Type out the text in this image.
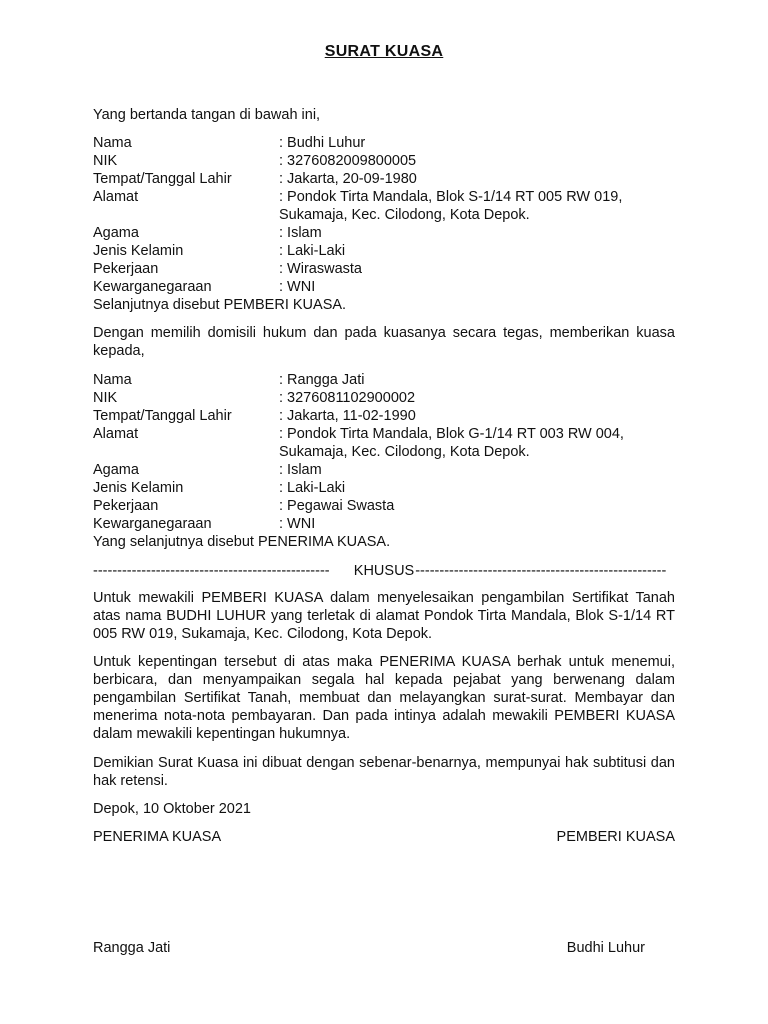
SURAT KUASA
Yang bertanda tangan di bawah ini,
Nama	: Budhi Luhur
NIK	: 3276082009800005
Tempat/Tanggal Lahir	: Jakarta, 20-09-1980
Alamat	: Pondok Tirta Mandala, Blok S-1/14 RT 005 RW 019,
Sukamaja, Kec. Cilodong, Kota Depok.
Agama	: Islam
Jenis Kelamin	: Laki-Laki
Pekerjaan	: Wiraswasta
Kewarganegaraan	: WNI
Selanjutnya disebut PEMBERI KUASA.
Dengan memilih domisili hukum dan pada kuasanya secara tegas, memberikan kuasa kepada,
Nama	: Rangga Jati
NIK	: 3276081102900002
Tempat/Tanggal Lahir	: Jakarta, 11-02-1990
Alamat	: Pondok Tirta Mandala, Blok G-1/14 RT 003 RW 004,
Sukamaja, Kec. Cilodong, Kota Depok.
Agama	: Islam
Jenis Kelamin	: Laki-Laki
Pekerjaan	: Pegawai Swasta
Kewarganegaraan	: WNI
Yang selanjutnya disebut PENERIMA KUASA.
-------------------------------------------------	KHUSUS ----------------------------------------------------
Untuk mewakili PEMBERI KUASA dalam menyelesaikan pengambilan Sertifikat Tanah atas nama BUDHI LUHUR yang terletak di alamat Pondok Tirta Mandala, Blok S-1/14 RT 005 RW 019, Sukamaja, Kec. Cilodong, Kota Depok.
Untuk kepentingan tersebut di atas maka PENERIMA KUASA berhak untuk menemui, berbicara, dan menyampaikan segala hal kepada pejabat yang berwenang dalam pengambilan Sertifikat Tanah, membuat dan melayangkan surat-surat. Membayar dan menerima nota-nota pembayaran. Dan pada intinya adalah mewakili PEMBERI KUASA dalam mewakili kepentingan hukumnya.
Demikian Surat Kuasa ini dibuat dengan sebenar-benarnya, mempunyai hak subtitusi dan hak retensi.
Depok, 10 Oktober 2021
PENERIMA KUASA	PEMBERI KUASA
Rangga Jati	Budhi Luhur
